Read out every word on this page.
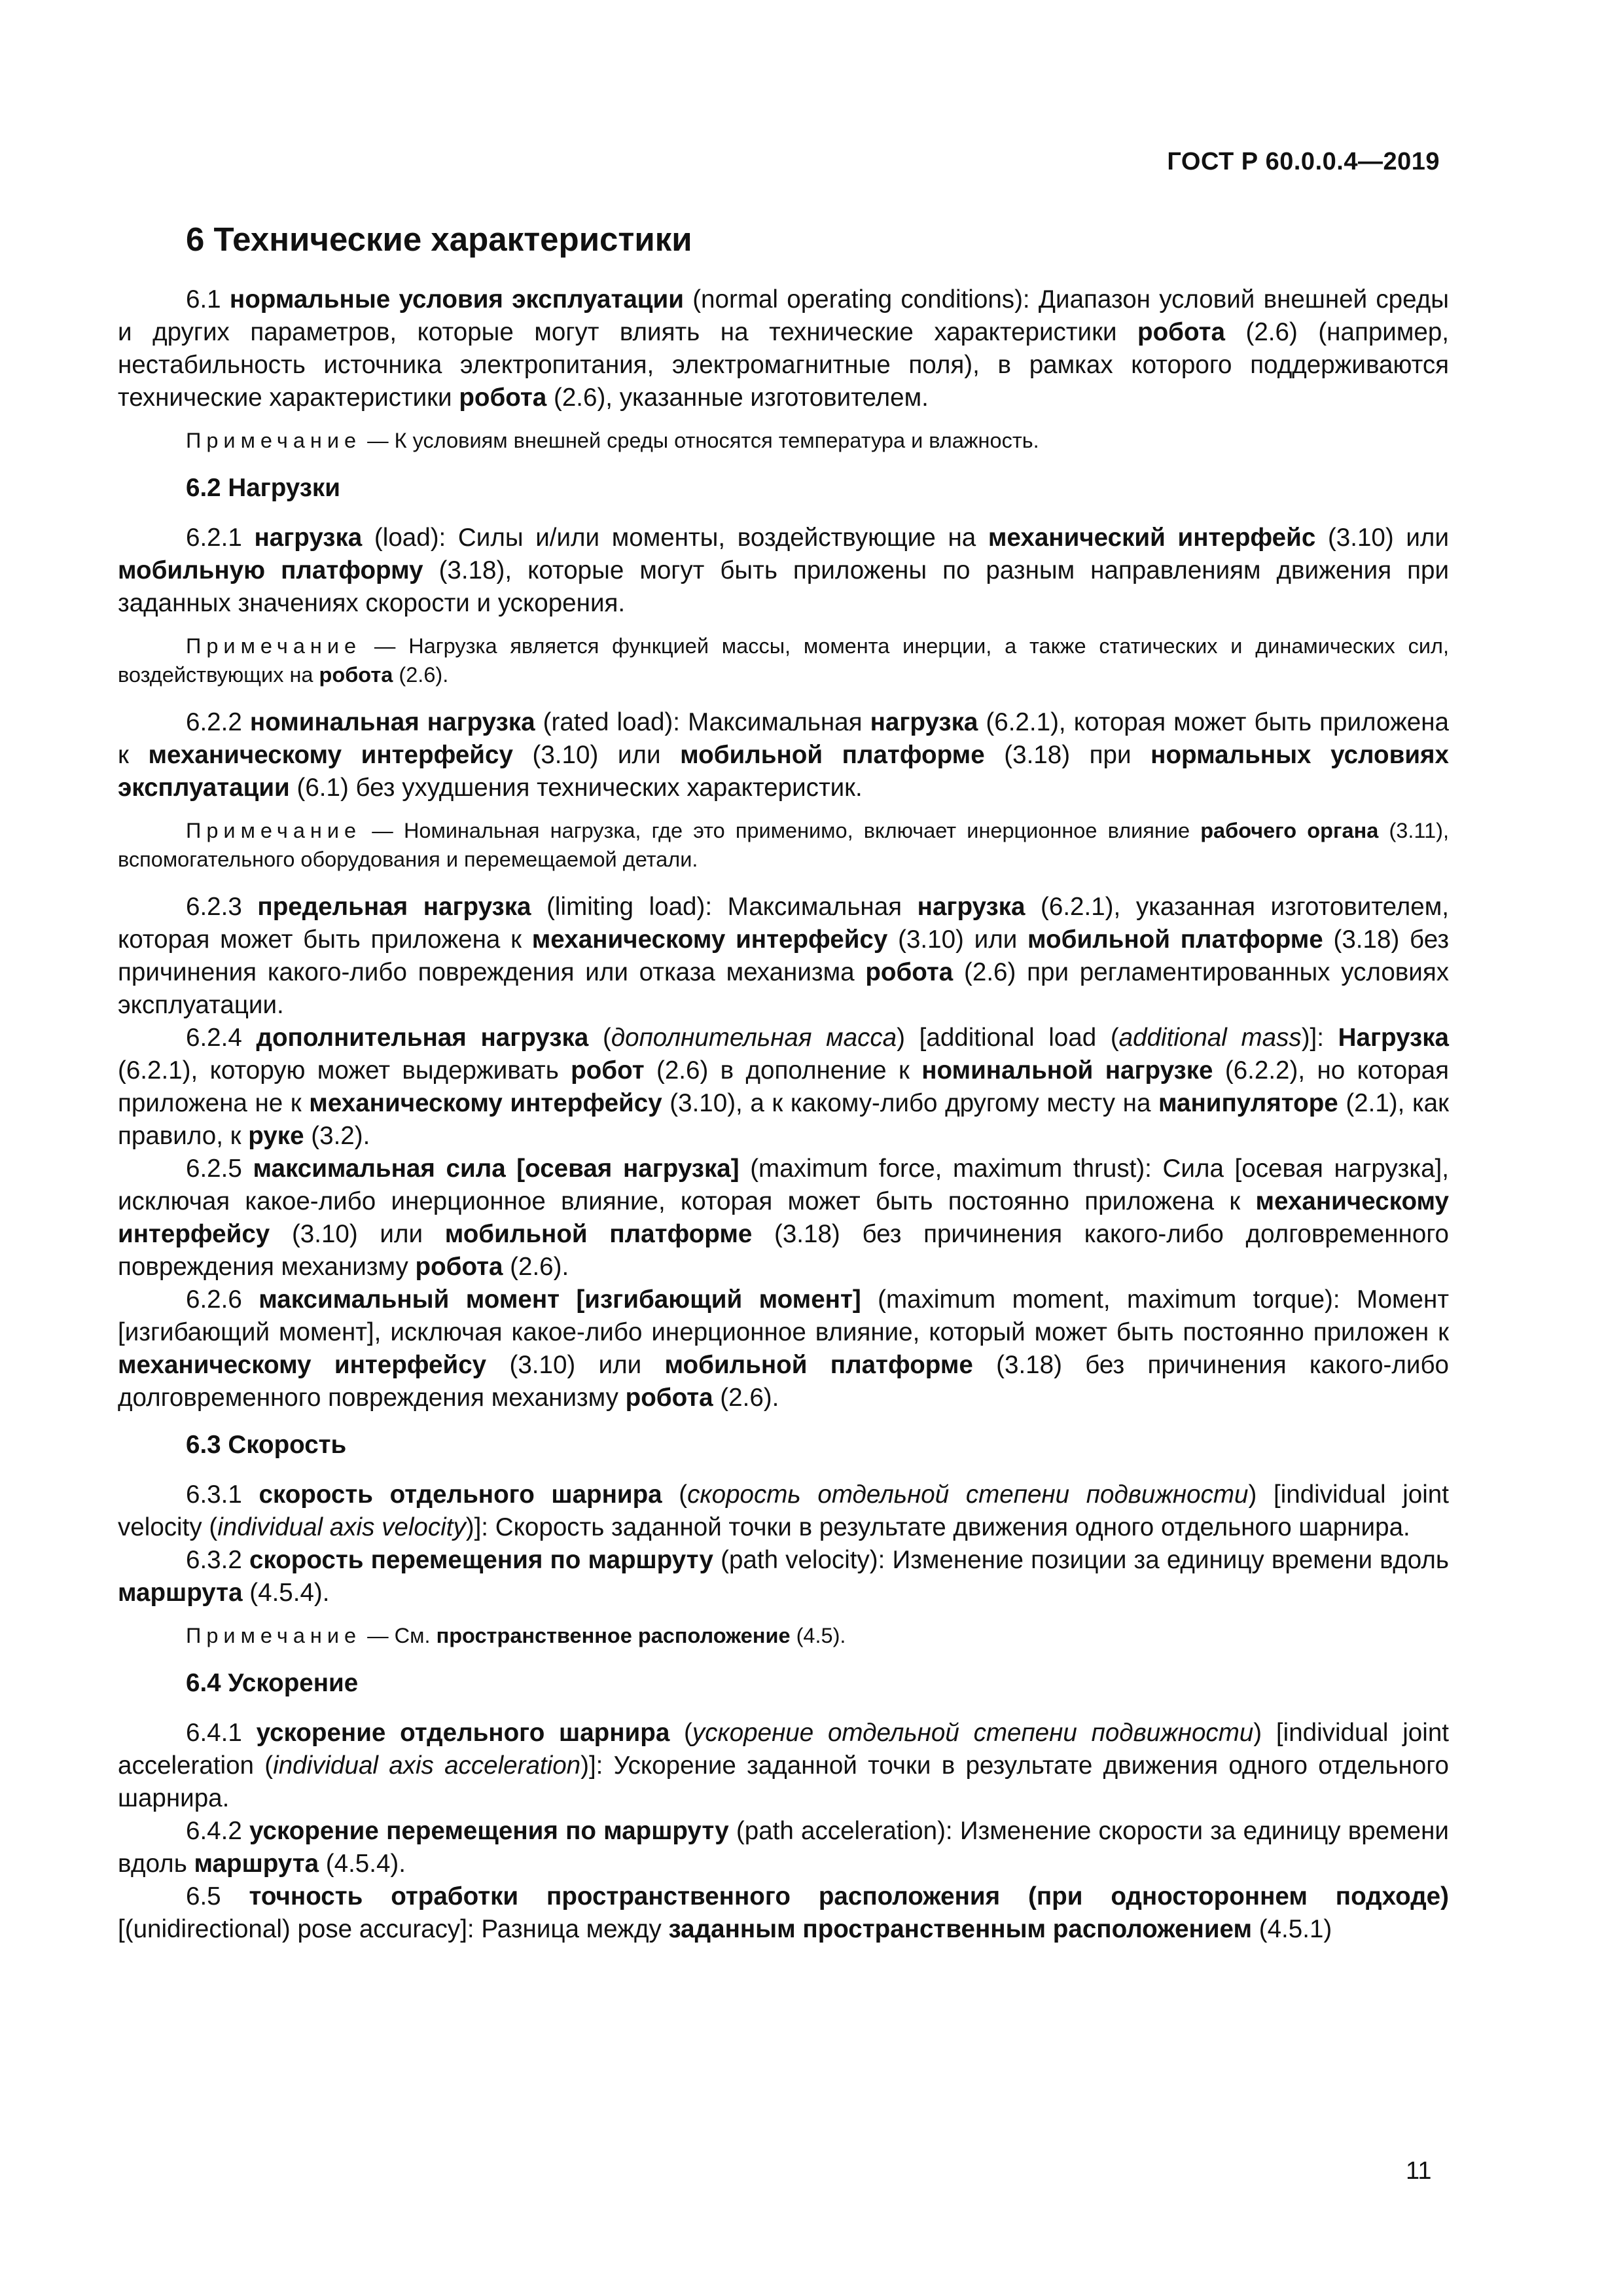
ГОСТ Р 60.0.0.4—2019

6 Технические характеристики

6.1 нормальные условия эксплуатации (normal operating conditions): Диапазон условий внешней среды и других параметров, которые могут влиять на технические характеристики робота (2.6) (например, нестабильность источника электропитания, электромагнитные поля), в рамках которого поддерживаются технические характеристики робота (2.6), указанные изготовителем.

Примечание — К условиям внешней среды относятся температура и влажность.

6.2 Нагрузки

6.2.1 нагрузка (load): Силы и/или моменты, воздействующие на механический интерфейс (3.10) или мобильную платформу (3.18), которые могут быть приложены по разным направлениям движения при заданных значениях скорости и ускорения.

Примечание — Нагрузка является функцией массы, момента инерции, а также статических и динамических сил, воздействующих на робота (2.6).

6.2.2 номинальная нагрузка (rated load): Максимальная нагрузка (6.2.1), которая может быть приложена к механическому интерфейсу (3.10) или мобильной платформе (3.18) при нормальных условиях эксплуатации (6.1) без ухудшения технических характеристик.

Примечание — Номинальная нагрузка, где это применимо, включает инерционное влияние рабочего органа (3.11), вспомогательного оборудования и перемещаемой детали.

6.2.3 предельная нагрузка (limiting load): Максимальная нагрузка (6.2.1), указанная изготовителем, которая может быть приложена к механическому интерфейсу (3.10) или мобильной платформе (3.18) без причинения какого-либо повреждения или отказа механизма робота (2.6) при регламентированных условиях эксплуатации.

6.2.4 дополнительная нагрузка (дополнительная масса) [additional load (additional mass)]: Нагрузка (6.2.1), которую может выдерживать робот (2.6) в дополнение к номинальной нагрузке (6.2.2), но которая приложена не к механическому интерфейсу (3.10), а к какому-либо другому месту на манипуляторе (2.1), как правило, к руке (3.2).

6.2.5 максимальная сила [осевая нагрузка] (maximum force, maximum thrust): Сила [осевая нагрузка], исключая какое-либо инерционное влияние, которая может быть постоянно приложена к механическому интерфейсу (3.10) или мобильной платформе (3.18) без причинения какого-либо долговременного повреждения механизму робота (2.6).

6.2.6 максимальный момент [изгибающий момент] (maximum moment, maximum torque): Момент [изгибающий момент], исключая какое-либо инерционное влияние, который может быть постоянно приложен к механическому интерфейсу (3.10) или мобильной платформе (3.18) без причинения какого-либо долговременного повреждения механизму робота (2.6).

6.3 Скорость

6.3.1 скорость отдельного шарнира (скорость отдельной степени подвижности) [individual joint velocity (individual axis velocity)]: Скорость заданной точки в результате движения одного отдельного шарнира.

6.3.2 скорость перемещения по маршруту (path velocity): Изменение позиции за единицу времени вдоль маршрута (4.5.4).

Примечание — См. пространственное расположение (4.5).

6.4 Ускорение

6.4.1 ускорение отдельного шарнира (ускорение отдельной степени подвижности) [individual joint acceleration (individual axis acceleration)]: Ускорение заданной точки в результате движения одного отдельного шарнира.

6.4.2 ускорение перемещения по маршруту (path acceleration): Изменение скорости за единицу времени вдоль маршрута (4.5.4).

6.5 точность отработки пространственного расположения (при одностороннем подходе) [(unidirectional) pose accuracy]: Разница между заданным пространственным расположением (4.5.1)

11
